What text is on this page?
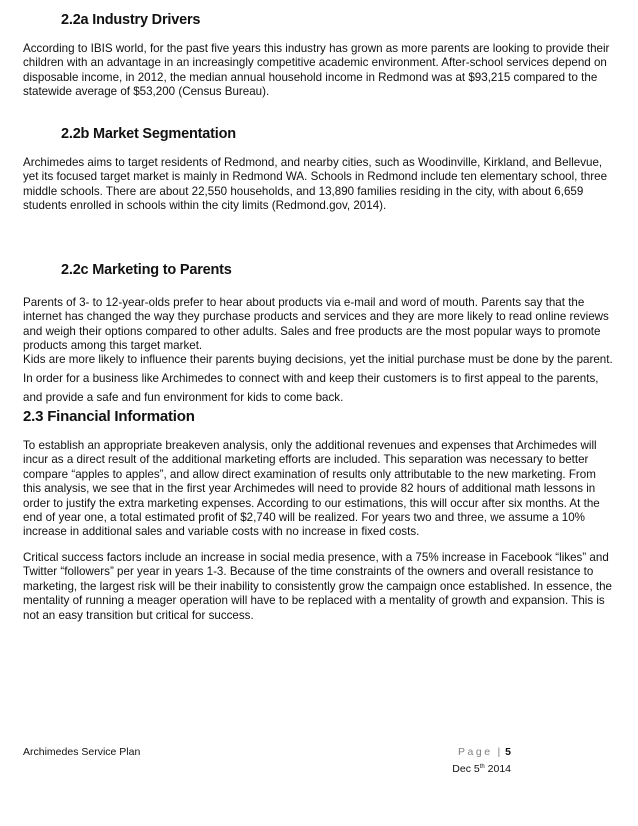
2.2a Industry Drivers

According to IBIS world, for the past five years this industry has grown as more parents are looking to provide their children with an advantage in an increasingly competitive academic environment. After-school services depend on disposable income, in 2012, the median annual household income in Redmond was at $93,215 compared to the statewide average of $53,200 (Census Bureau).

2.2b Market Segmentation

Archimedes aims to target residents of Redmond, and nearby cities, such as Woodinville, Kirkland, and Bellevue, yet its focused target market is mainly in Redmond WA. Schools in Redmond include ten elementary school, three middle schools. There are about 22,550 households, and 13,890 families residing in the city, with about 6,659 students enrolled in schools within the city limits (Redmond.gov, 2014).

2.2c Marketing to Parents

Parents of 3- to 12-year-olds prefer to hear about products via e-mail and word of mouth. Parents say that the internet has changed the way they purchase products and services and they are more likely to read online reviews and weigh their options compared to other adults. Sales and free products are the most popular ways to promote products among this target market.

Kids are more likely to influence their parents buying decisions, yet the initial purchase must be done by the parent. In order for a business like Archimedes to connect with and keep their customers is to first appeal to the parents, and provide a safe and fun environment for kids to come back.

2.3 Financial Information

To establish an appropriate breakeven analysis, only the additional revenues and expenses that Archimedes will incur as a direct result of the additional marketing efforts are included. This separation was necessary to better compare “apples to apples”, and allow direct examination of results only attributable to the new marketing. From this analysis, we see that in the first year Archimedes will need to provide 82 hours of additional math lessons in order to justify the extra marketing expenses. According to our estimations, this will occur after six months. At the end of year one, a total estimated profit of $2,740 will be realized. For years two and three, we assume a 10% increase in additional sales and variable costs with no increase in fixed costs.

Critical success factors include an increase in social media presence, with a 75% increase in Facebook “likes” and Twitter “followers” per year in years 1-3. Because of the time constraints of the owners and overall resistance to marketing, the largest risk will be their inability to consistently grow the campaign once established. In essence, the mentality of running a meager operation will have to be replaced with a mentality of growth and expansion. This is not an easy transition but critical for success.

Archimedes Service Plan	Page | 5
Dec 5th 2014
